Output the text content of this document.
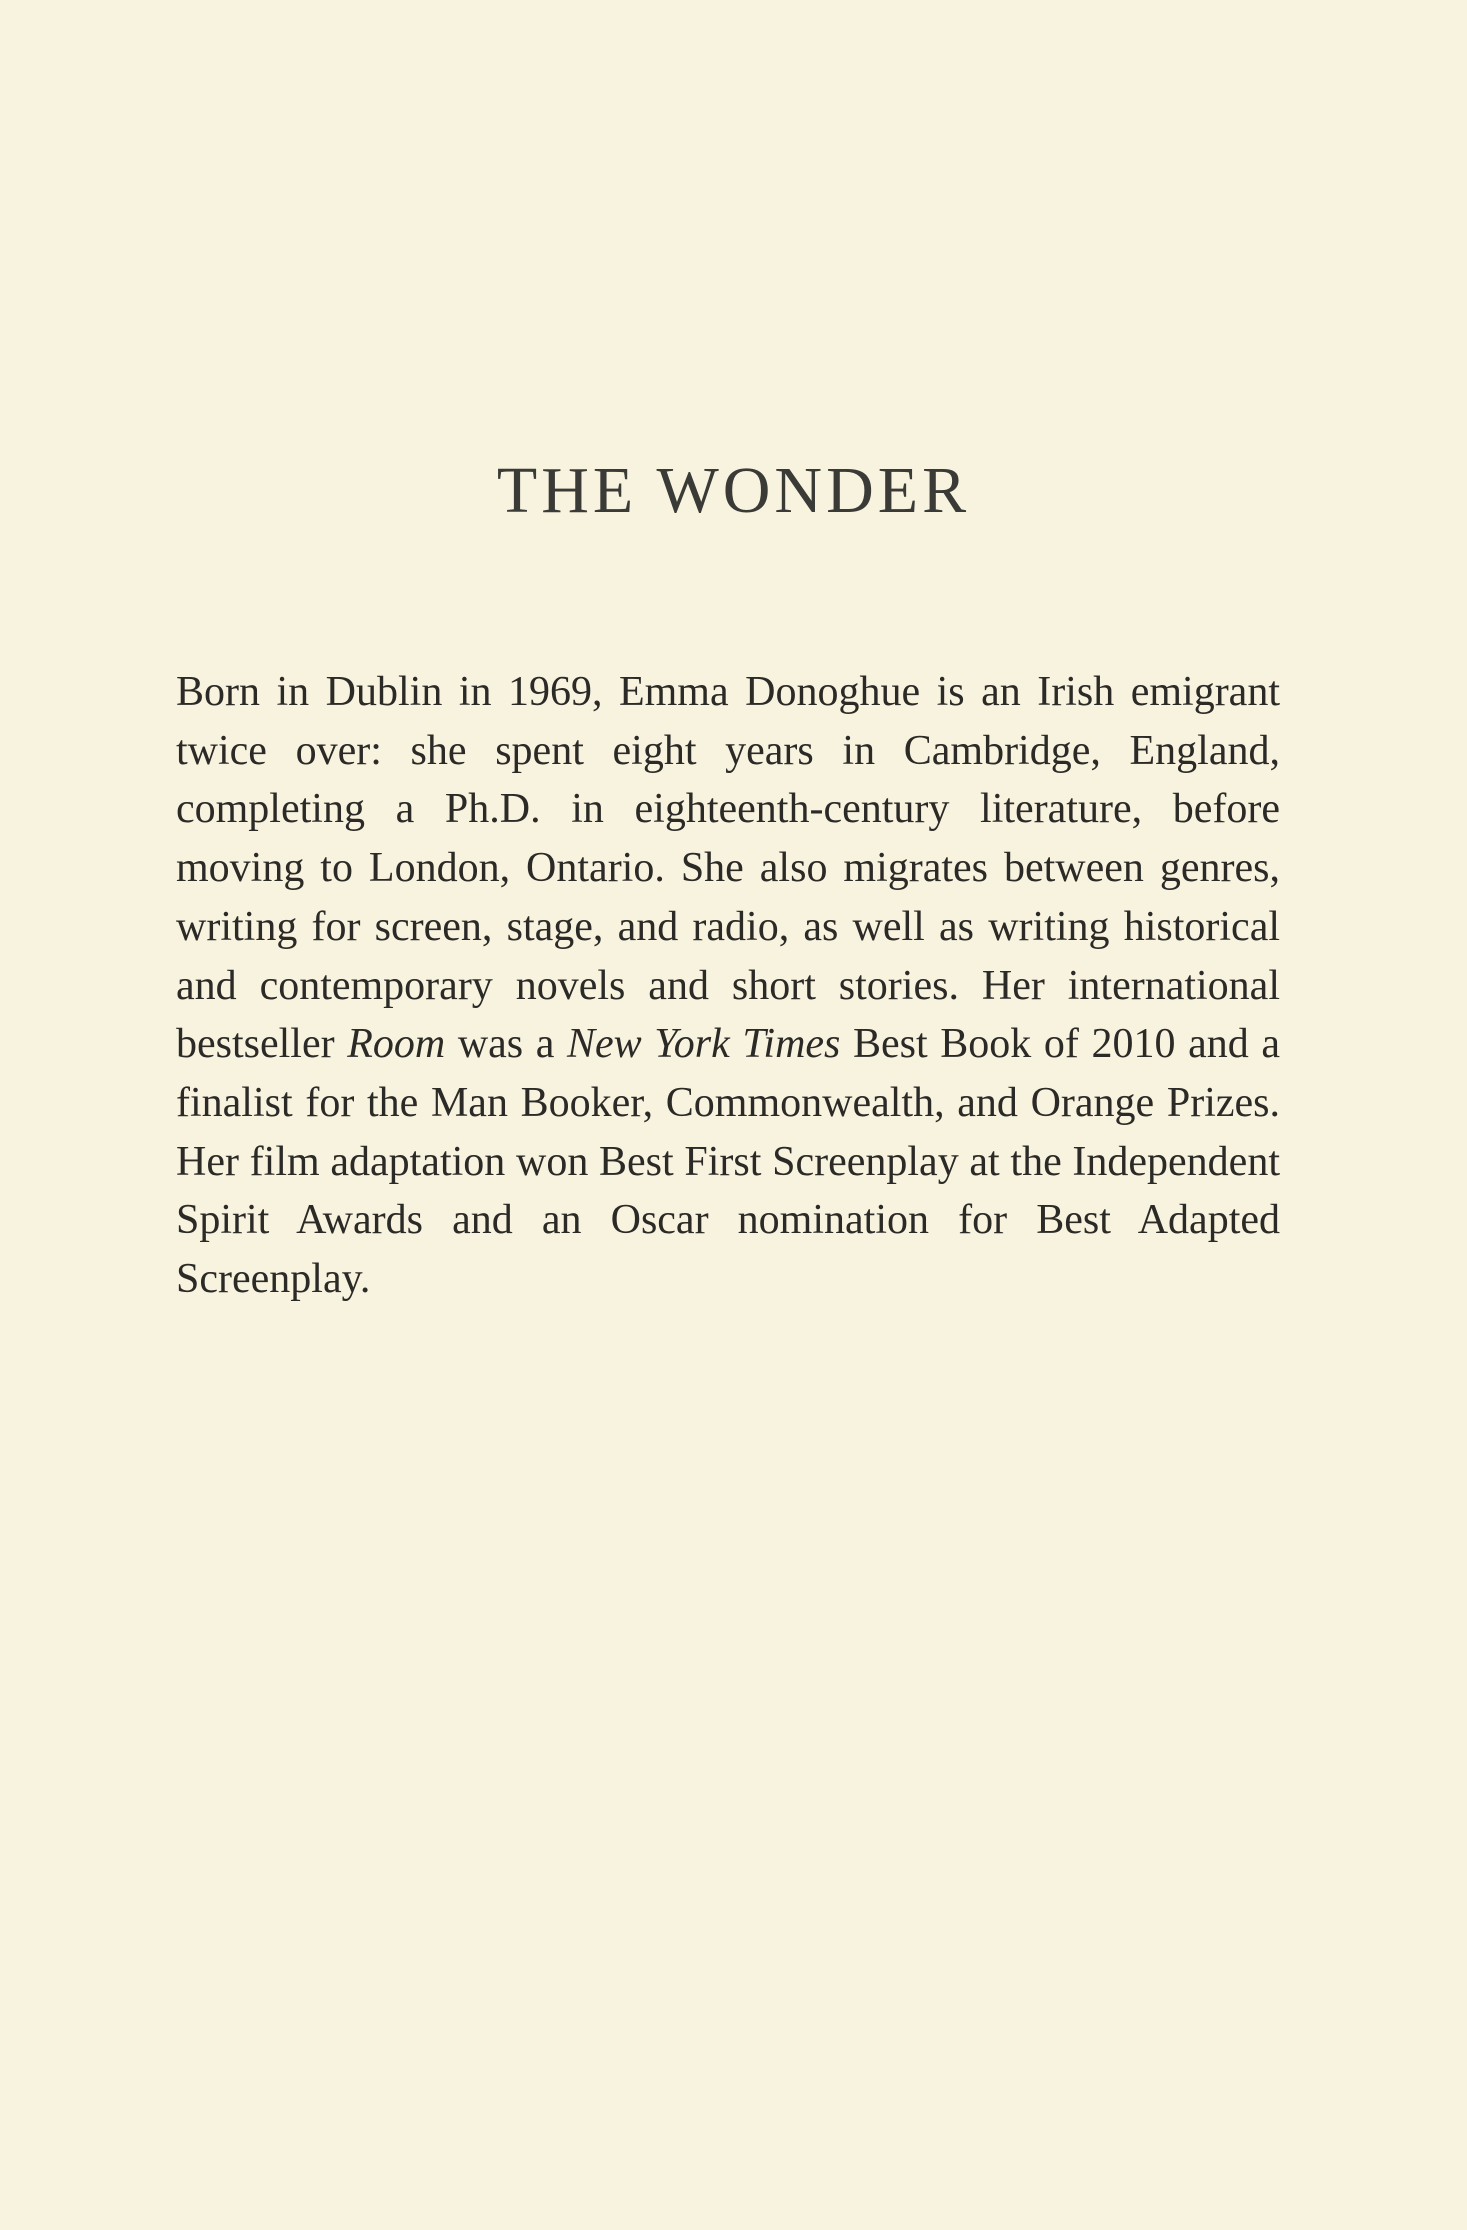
THE WONDER

Born in Dublin in 1969, Emma Donoghue is an Irish emigrant twice over: she spent eight years in Cambridge, England, completing a Ph.D. in eighteenth-century literature, before moving to London, Ontario. She also migrates between genres, writing for screen, stage, and radio, as well as writing historical and contemporary novels and short stories. Her international bestseller Room was a New York Times Best Book of 2010 and a finalist for the Man Booker, Commonwealth, and Orange Prizes. Her film adaptation won Best First Screenplay at the Independent Spirit Awards and an Oscar nomination for Best Adapted Screenplay.
